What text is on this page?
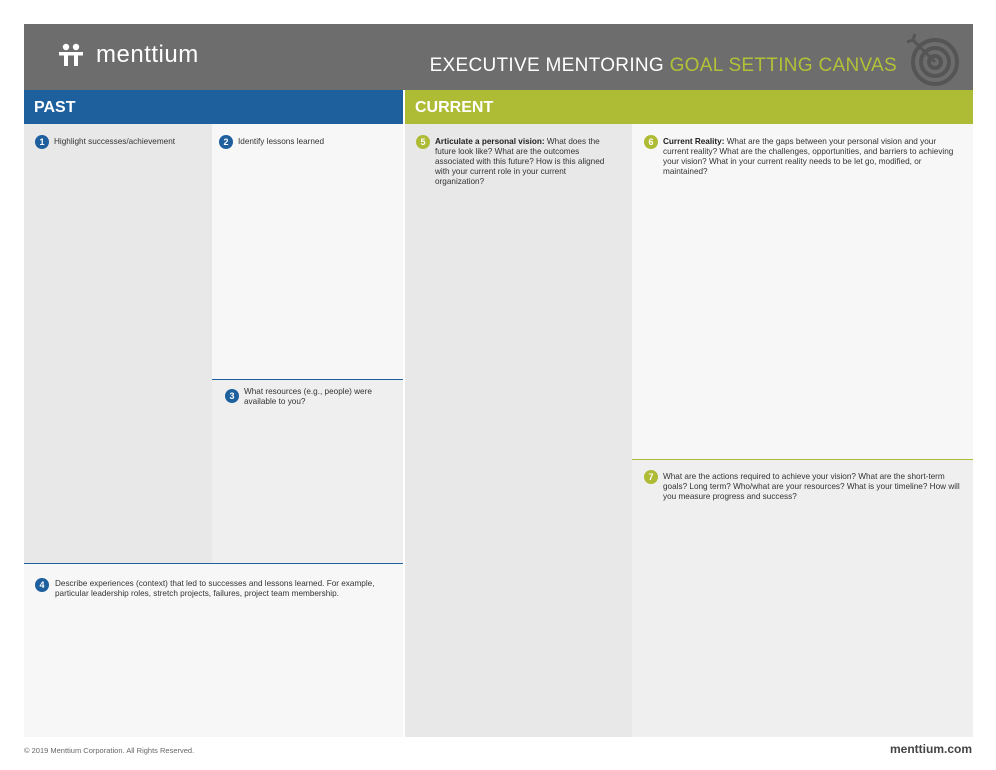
menttium	EXECUTIVE MENTORING GOAL SETTING CANVAS
PAST	CURRENT
1	Highlight successes/achievement	2	Identify lessons learned
3	What resources (e.g., people) were available to you?
4	Describe experiences (context) that led to successes and lessons learned. For example, particular leadership roles, stretch projects, failures, project team membership.
5	Articulate a personal vision: What does the future look like? What are the outcomes associated with this future? How is this aligned with your current role in your current organization?
6	Current Reality: What are the gaps between your personal vision and your current reality? What are the challenges, opportunities, and barriers to achieving your vision? What in your current reality needs to be let go, modified, or maintained?
7	What are the actions required to achieve your vision? What are the short-term goals? Long term? Who/what are your resources? What is your timeline? How will you measure progress and success?
© 2019 Menttium Corporation. All Rights Reserved.	menttium.com
